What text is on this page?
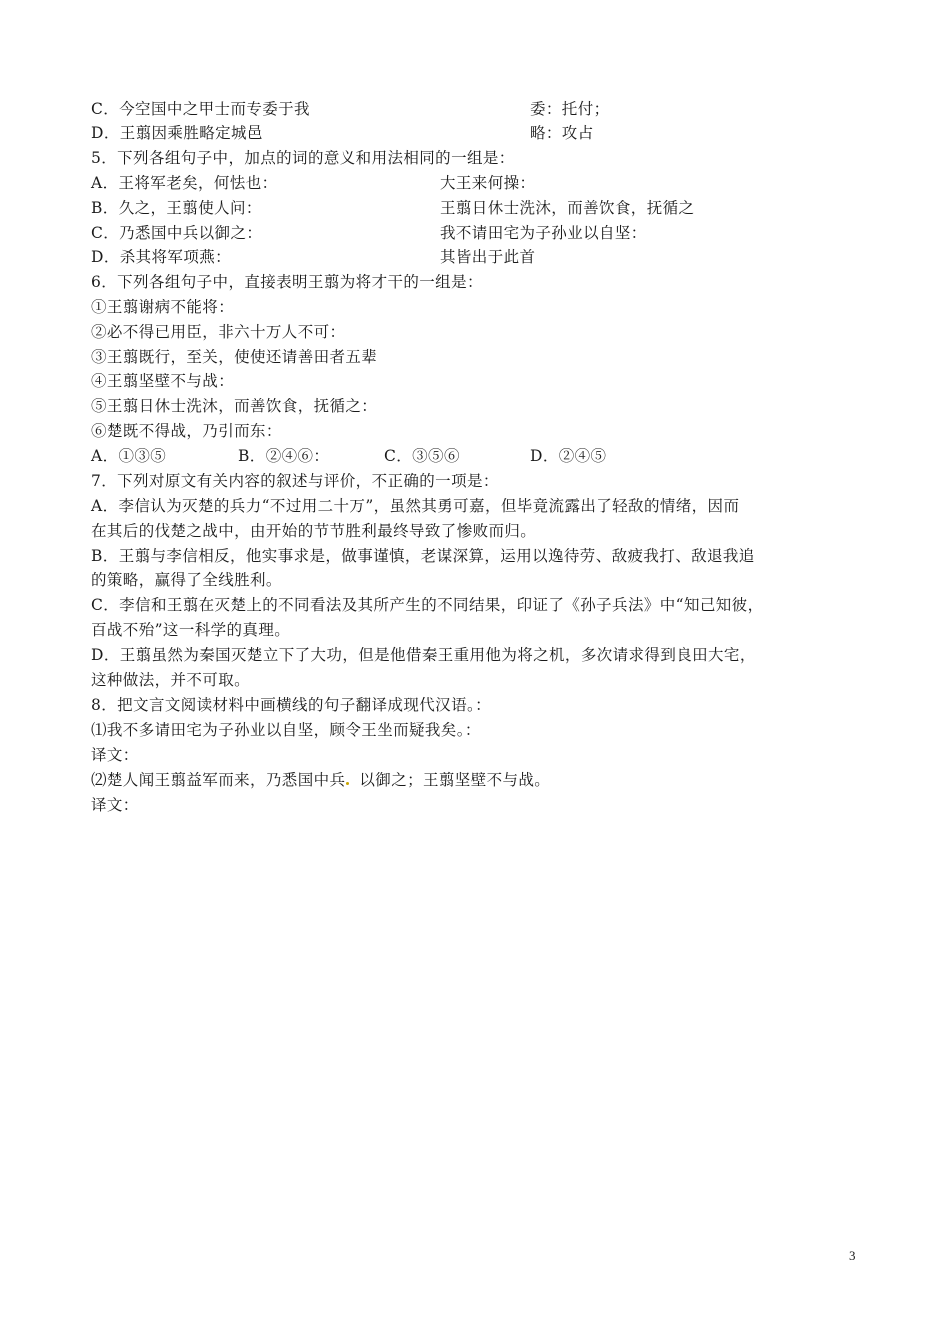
C．今空国中之甲士而专委于我	委：托付；
D．王翦因乘胜略定城邑	略：攻占
5．下列各组句子中，加点的词的意义和用法相同的一组是：
A．王将军老矣，何怯也：	大王来何操：
B．久之，王翦使人问：	王翦日休士洗沐，而善饮食，抚循之
C．乃悉国中兵以御之：	我不请田宅为子孙业以自坚：
D．杀其将军项燕：	其皆出于此首
6．下列各组句子中，直接表明王翦为将才干的一组是：
①王翦谢病不能将：
②必不得已用臣，非六十万人不可：
③王翦既行，至关，使使还请善田者五辈
④王翦坚壁不与战：
⑤王翦日休士洗沐，而善饮食，抚循之：
⑥楚既不得战，乃引而东：
A．①③⑤	B．②④⑥：	C．③⑤⑥	D．②④⑤
7．下列对原文有关内容的叙述与评价，不正确的一项是：
A．李信认为灭楚的兵力“不过用二十万”，虽然其勇可嘉，但毕竟流露出了轻敌的情绪，因而
在其后的伐楚之战中，由开始的节节胜利最终导致了惨败而归。
B．王翦与李信相反，他实事求是，做事谨慎，老谋深算，运用以逸待劳、敌疲我打、敌退我追
的策略，赢得了全线胜利。
C．李信和王翦在灭楚上的不同看法及其所产生的不同结果，印证了《孙子兵法》中“知己知彼，
百战不殆”这一科学的真理。
D．王翦虽然为秦国灭楚立下了大功，但是他借秦王重用他为将之机，多次请求得到良田大宅，
这种做法，并不可取。
8．把文言文阅读材料中画横线的句子翻译成现代汉语。：
⑴我不多请田宅为子孙业以自坚，顾令王坐而疑我矣。：
译文：
⑵楚人闻王翦益军而来，乃悉国中兵 以御之；王翦坚壁不与战。
译文：
3
